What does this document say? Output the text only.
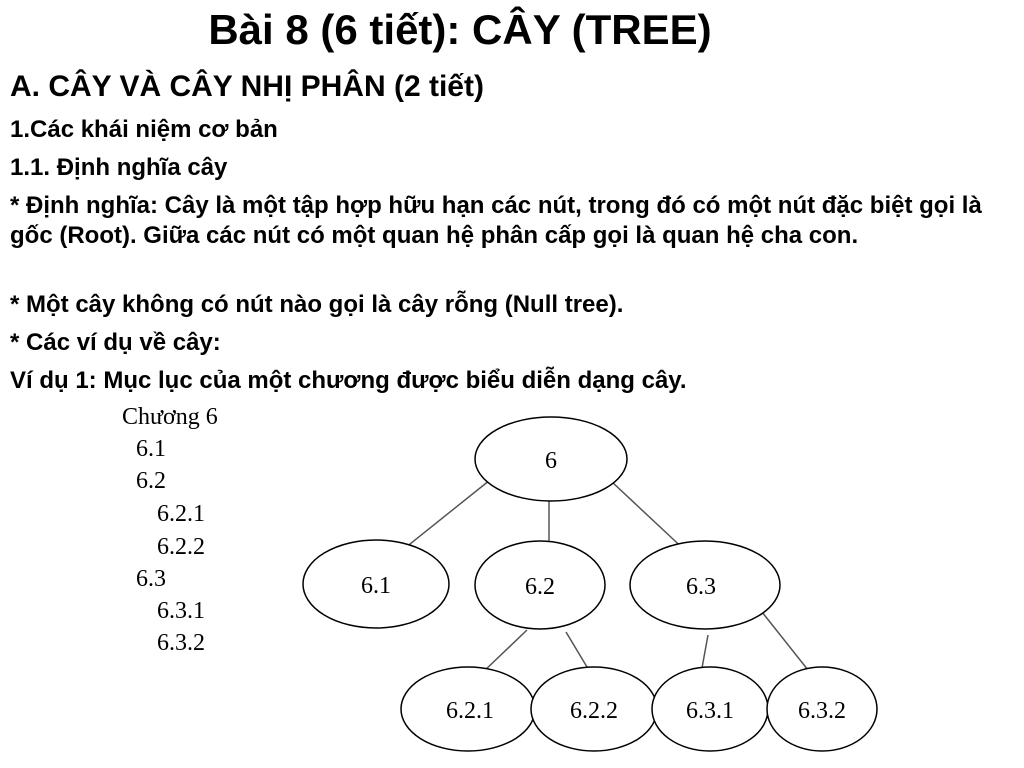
Bài 8 (6 tiết): CÂY (TREE)
A. CÂY VÀ CÂY NHỊ PHÂN (2 tiết)
1.Các khái niệm cơ bản
1.1. Định nghĩa cây
* Định nghĩa: Cây là một tập hợp hữu hạn các nút, trong đó có một nút đặc biệt gọi là gốc (Root). Giữa các nút có một quan hệ phân cấp gọi là quan hệ cha con.
* Một cây không có nút nào gọi là cây rỗng (Null tree).
* Các ví dụ về cây:
Ví dụ 1: Mục lục của một chương được biểu diễn dạng cây.
Chương 6
6.1
6.2
6.2.1
6.2.2
6.3
6.3.1
6.3.2
6
6.1	6.2	6.3
6.2.1	6.2.2	6.3.1	6.3.2
